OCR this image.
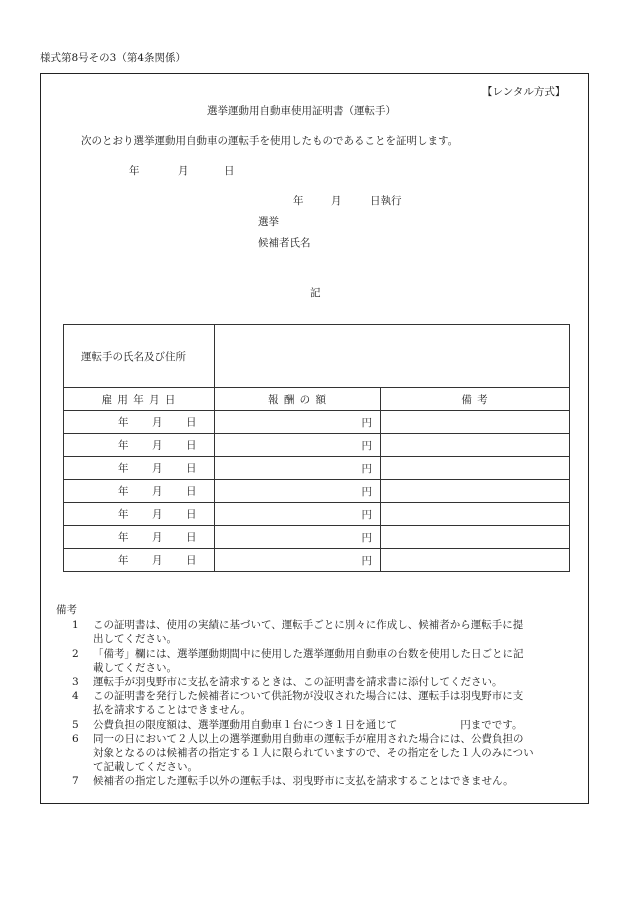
様式第8号その3（第4条関係）
【レンタル方式】
選挙運動用自動車使用証明書（運転手）
次のとおり選挙運動用自動車の運転手を使用したものであることを証明します。
年	月	日
年	月	日執行
選挙
候補者氏名
記
運転手の氏名及び住所		
雇 用 年 月 日	報 酬 の 額	備 考

年 月 日	円	

年 月 日	円	

年 月 日	円	

年 月 日	円	

年 月 日	円	

年 月 日	円	

年 月 日	円	
備考
1 この証明書は、使用の実績に基づいて、運転手ごとに別々に作成し、候補者から運転手に提
出してください。
2 「備考」欄には、選挙運動期間中に使用した選挙運動用自動車の台数を使用した日ごとに記
載してください。
3 運転手が羽曳野市に支払を請求するときは、この証明書を請求書に添付してください。
4 この証明書を発行した候補者について供託物が没収された場合には、運転手は羽曳野市に支
払を請求することはできません。
5 公費負担の限度額は、選挙運動用自動車１台につき１日を通じて　　　　　　円までです。
6 同一の日において２人以上の選挙運動用自動車の運転手が雇用された場合には、公費負担の
対象となるのは候補者の指定する１人に限られていますので、その指定をした１人のみについ
て記載してください。
7 候補者の指定した運転手以外の運転手は、羽曳野市に支払を請求することはできません。
